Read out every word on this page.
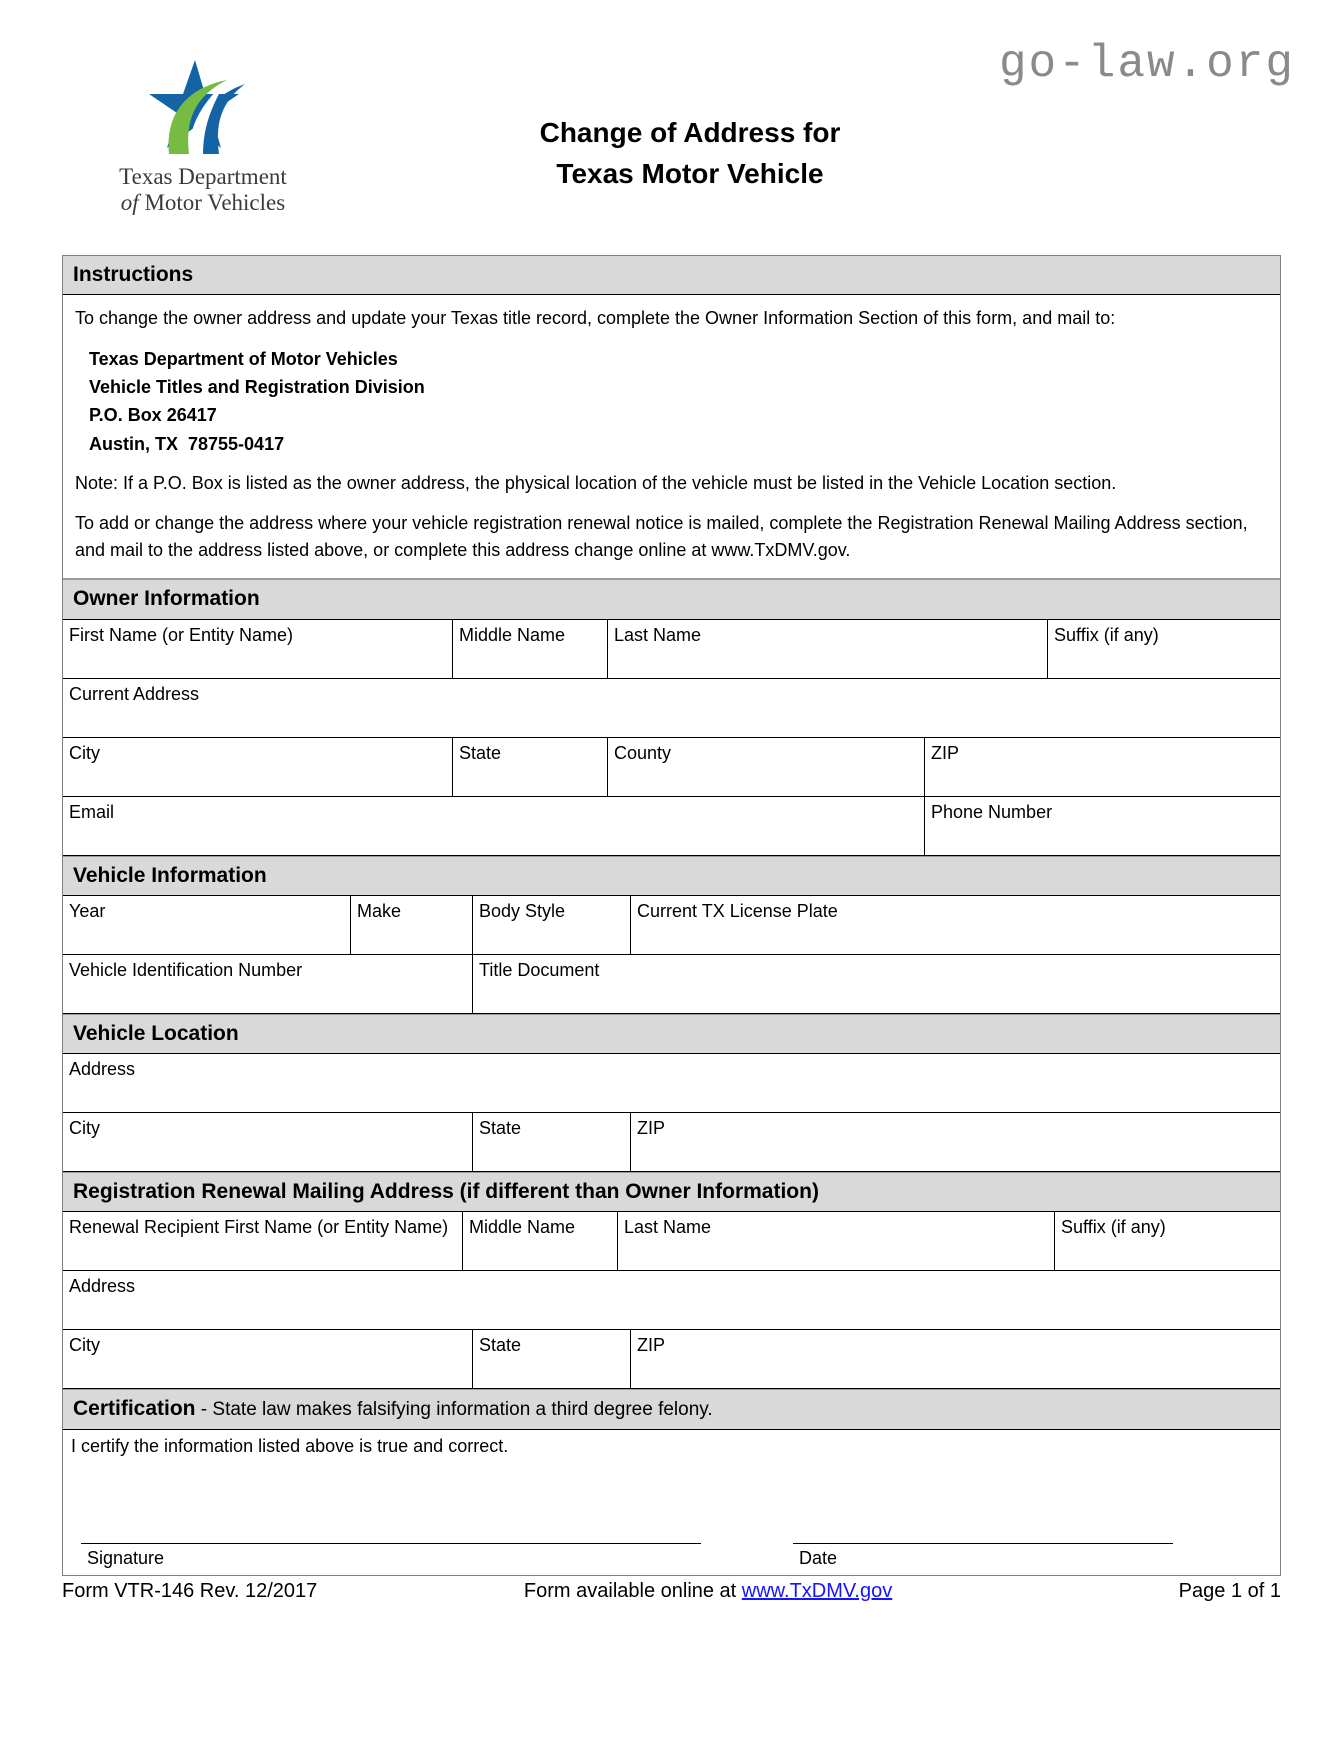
go-law.org
Texas Department
of Motor Vehicles
Change of Address for
Texas Motor Vehicle
Instructions

To change the owner address and update your Texas title record, complete the Owner Information Section of this form, and mail to:

Texas Department of Motor Vehicles
Vehicle Titles and Registration Division
P.O. Box 26417
Austin, TX  78755-0417

Note: If a P.O. Box is listed as the owner address, the physical location of the vehicle must be listed in the Vehicle Location section.

To add or change the address where your vehicle registration renewal notice is mailed, complete the Registration Renewal Mailing Address section, and mail to the address listed above, or complete this address change online at www.TxDMV.gov.

Owner Information
First Name (or Entity Name)	Middle Name	Last Name	Suffix (if any)
Current Address
City	State	County	ZIP
Email	Phone Number
Vehicle Information
Year	Make	Body Style	Current TX License Plate
Vehicle Identification Number	Title Document
Vehicle Location
Address
City	State	ZIP
Registration Renewal Mailing Address (if different than Owner Information)
Renewal Recipient First Name (or Entity Name)	Middle Name	Last Name	Suffix (if any)
Address
City	State	ZIP
Certification - State law makes falsifying information a third degree felony.
I certify the information listed above is true and correct.
Signature	Date
Form VTR-146 Rev. 12/2017	Form available online at www.TxDMV.gov	Page 1 of 1
